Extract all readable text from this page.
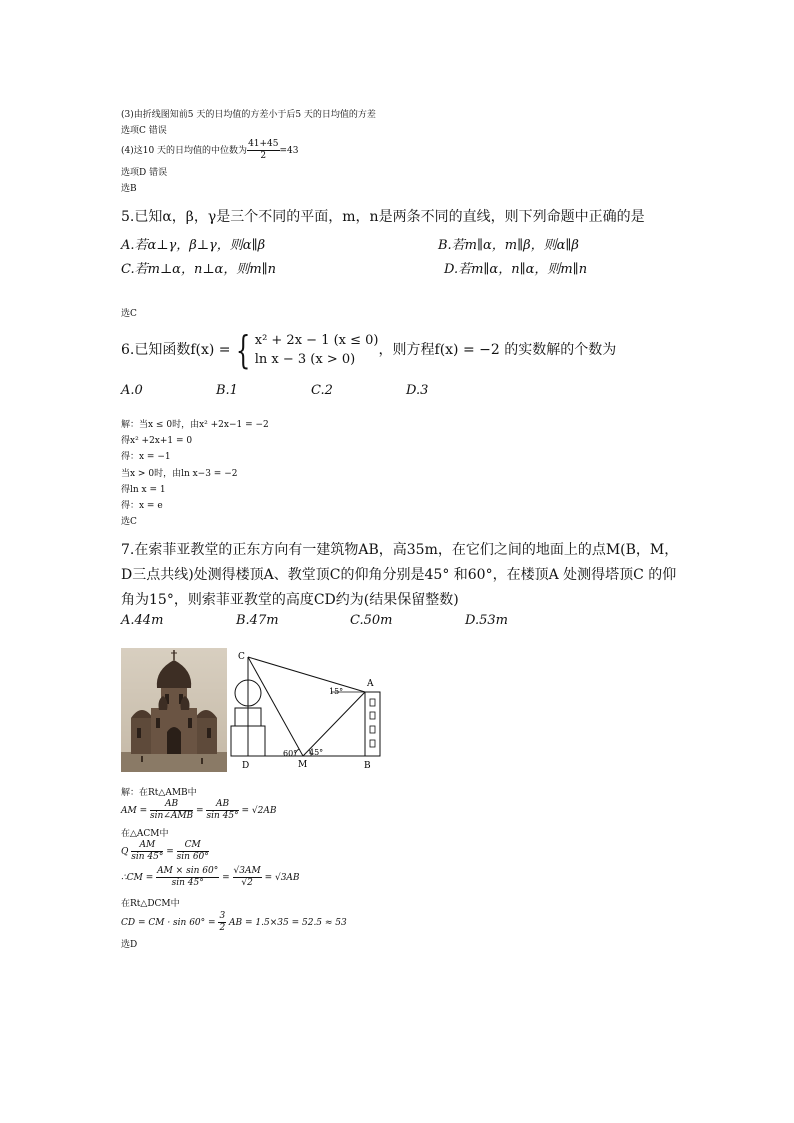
(3)由折线图知前5 天的日均值的方差小于后5 天的日均值的方差
选项C 错误
(4)这10 天的日均值的中位数为 $\frac{41+45}{2} =43$
选项D 错误
选B
5.已知α，β，γ是三个不同的平面，m，n是两条不同的直线，则下列命题中正确的是
A.若α⊥γ，β⊥γ，则α∥β	B.若m∥α，m∥β，则α∥β
C.若m⊥α，n⊥α，则m∥n	D.若m∥α，n∥α，则m∥n
选C
6.已知函数f(x) = { x² + 2x − 1 (x ≤ 0)
ln x − 3 (x > 0)
，则方程f(x) = −2 的实数解的个数为
A.0	B.1	C.2	D.3
解：当x ≤ 0时，由x² +2x−1 = −2
得x² +2x+1 = 0
得：x = −1
当x > 0时，由ln x−3 = −2
得ln x = 1
得：x = e
选C
7.在索菲亚教堂的正东方向有一建筑物AB，高35m，在它们之间的地面上的点M(B，M，
D三点共线)处测得楼顶A、教堂顶C的仰角分别是45° 和60°，在楼顶A 处测得塔顶C 的仰
角为15°，则索菲亚教堂的高度CD约为(结果保留整数)
A.44m	B.47m	C.50m	D.53m
C
A
D	M	B
15°
60° 45°
解：在Rt△AMB中
AM = $\frac{AB}{\text{sin∠AMB}} = \frac{AB}{\sin 45^\circ} = √2AB$
在△ACM中
Q $\frac{AM}{\sin 45^\circ} = \frac{CM}{\sin 60^\circ}$
∴CM = $\frac{AM \times \sin 60^\circ}{\sin 45^\circ} = \frac{√3AM}{√2} = √3AB$
在Rt△DCM中
CD = CM · $\sin 60^\circ = \frac{3}{2}$ AB = 1.5×35 = 52.5 ≈ 53
选D
